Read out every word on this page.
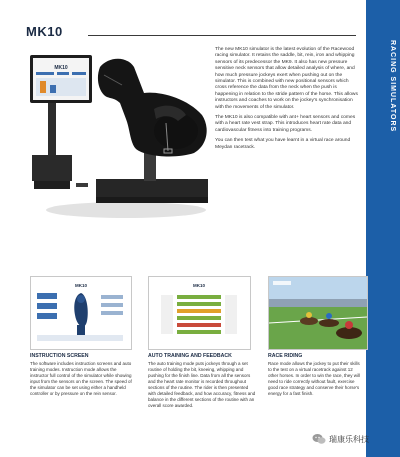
MK10
RACING SIMULATORS
MK10

The new MK10 simulator is the latest evolution of the Racewood racing simulator. It retains the saddle, bit, rein, iron and whipping sensors of its predecessor the MK9. It also has new pressure sensitive neck sensors that allow detailed analysis of where, and how much pressure jockeys exert when pushing out on the simulator. This is combined with new positional sensors which cross reference the data from the neck when the push is happening in relation to the stride pattern of the horse. This allows instructors and coaches to work on the jockey's synchronisation with the movements of the simulator.

The MK10 is also compatible with ant+ heart sensors and comes with a heart rate vest strap. This introduces heart rate data and cardiovascular fitness into training programs.

You can then test what you have learnt in a virtual race around Meydan racetrack.

MK10	MK10
INSTRUCTION SCREEN
The software includes instruction screens and auto training modes. Instruction mode allows the instructor full control of the simulator while showing input from the sensors on the screen. The speed of the simulator can be set using either a handheld controller or by pressure on the rein sensor.
AUTO TRAINING AND FEEDBACK
The auto training mode puts jockeys through a set routine of holding the bit, kneeing, whipping and pushing for the finish line. Data from all the sensors and the heart rate monitor is recorded throughout sections of the routine. The rider is then presented with detailed feedback, and how accuracy, fitness and balance in the different sections of the routine with an overall score awarded.
RACE RIDING
Race mode allows the jockey to put their skills to the test on a virtual racetrack against 12 other horses. In order to win the race, they will need to ride correctly without fault, exercise good race strategy and conserve their horse's energy for a fast finish.
瑞康乐科技
